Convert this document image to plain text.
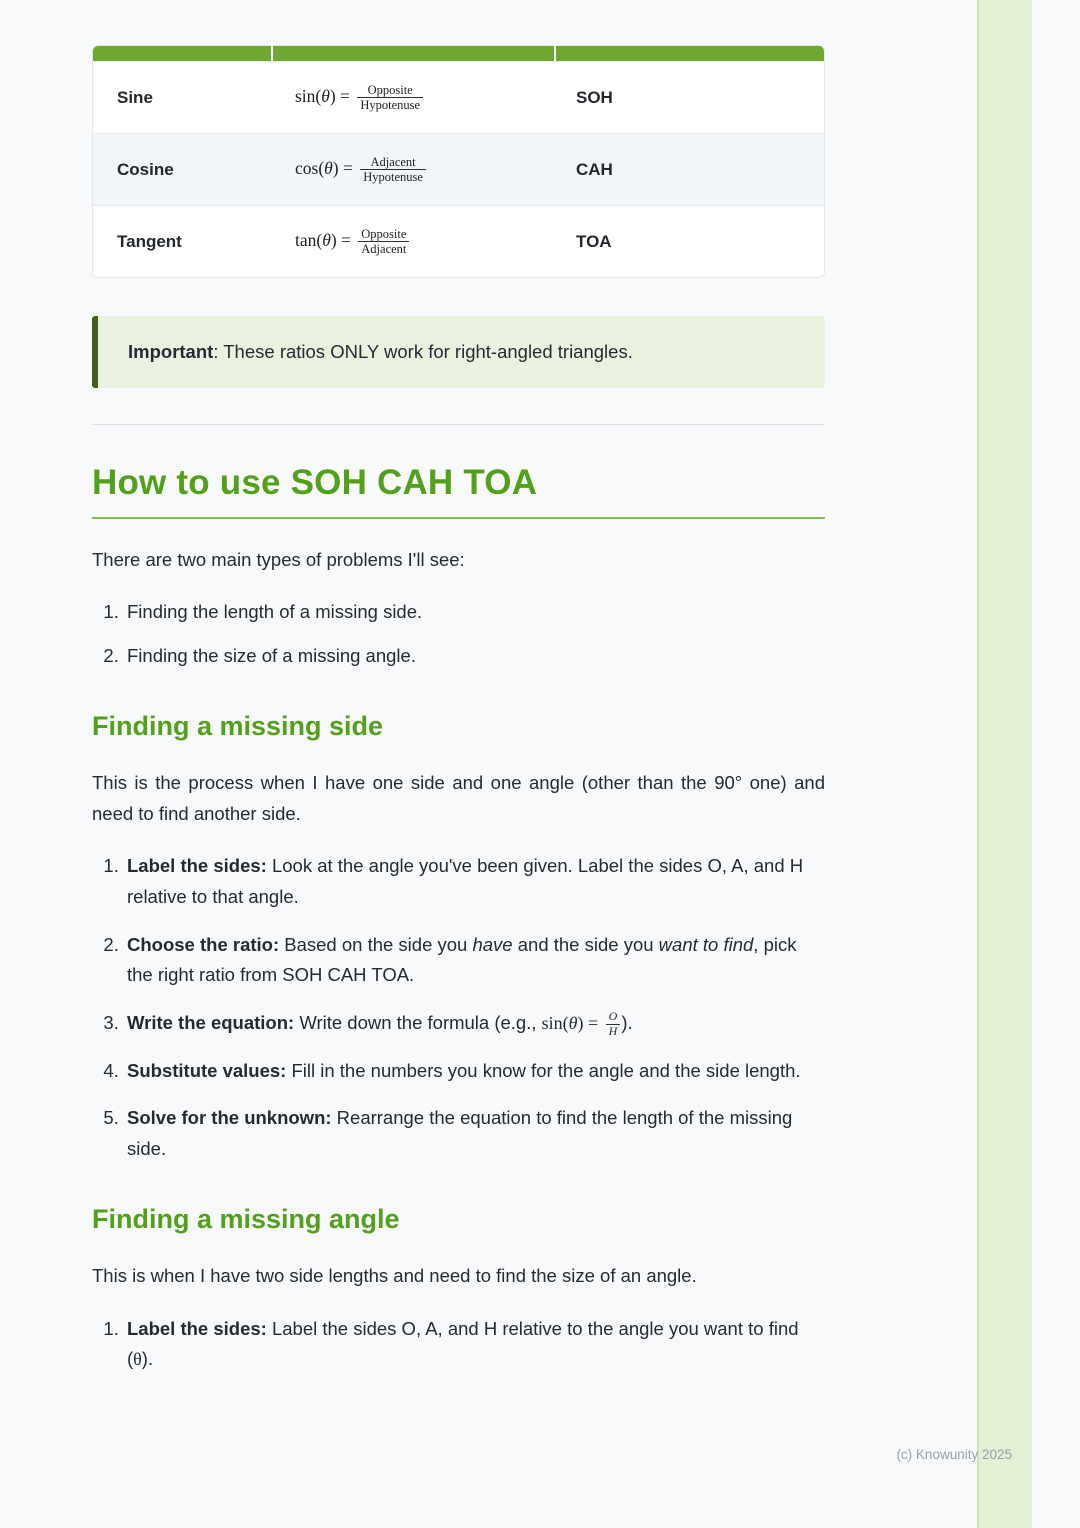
Sine	$\sin(\theta) = \frac{\text{Opposite}}{\text{Hypotenuse}}$	SOH
Cosine	$\cos(\theta) = \frac{\text{Adjacent}}{\text{Hypotenuse}}$	CAH
Tangent	$\tan(\theta) = \frac{\text{Opposite}}{\text{Adjacent}}$	TOA
Important: These ratios ONLY work for right-angled triangles.
How to use SOH CAH TOA

There are two main types of problems I'll see:

1. Finding the length of a missing side.
2. Finding the size of a missing angle.
Finding a missing side

This is the process when I have one side and one angle (other than the 90° one) and need to find another side.

1. Label the sides: Look at the angle you've been given. Label the sides O, A, and H relative to that angle.
2. Choose the ratio: Based on the side you have and the side you want to find, pick the right ratio from SOH CAH TOA.
3. Write the equation: Write down the formula (e.g., $\sin(\theta) = \frac{O}{H}$ ).
4. Substitute values: Fill in the numbers you know for the angle and the side length.
5. Solve for the unknown: Rearrange the equation to find the length of the missing side.
Finding a missing angle

This is when I have two side lengths and need to find the size of an angle.

1. Label the sides: Label the sides O, A, and H relative to the angle you want to find (θ).
(c) Knowunity 2025
